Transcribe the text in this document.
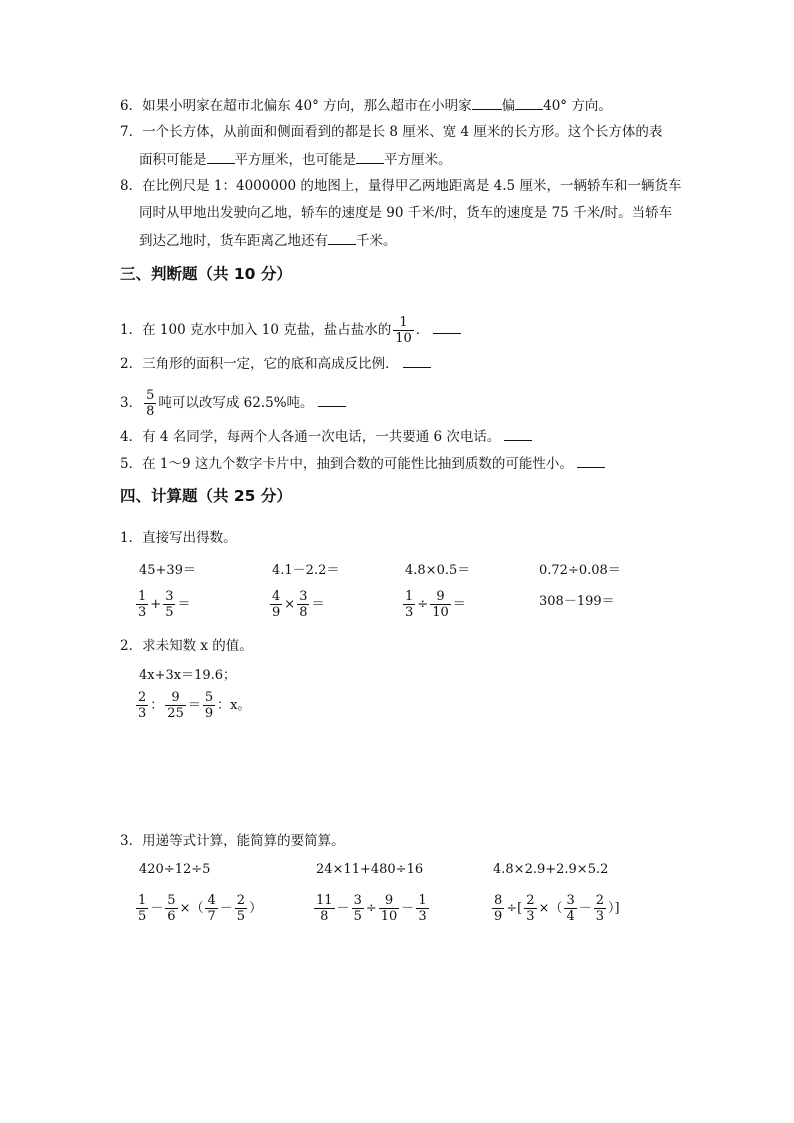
6．如果小明家在超市北偏东 40° 方向，那么超市在小明家 偏 40° 方向。
7．一个长方体，从前面和侧面看到的都是长 8 厘米、宽 4 厘米的长方形。这个长方体的表
面积可能是 平方厘米，也可能是 平方厘米。
8．在比例尺是 1：4000000 的地图上，量得甲乙两地距离是 4.5 厘米，一辆轿车和一辆货车
同时从甲地出发驶向乙地，轿车的速度是 90 千米/时，货车的速度是 75 千米/时。当轿车
到达乙地时，货车距离乙地还有 千米。
三、判断题（共 10 分）
1．在 100 克水中加入 10 克盐，盐占盐水的 $\frac{1}{10}$ ．
2．三角形的面积一定，它的底和高成反比例．
3． $\frac{5}{8}$ 吨可以改写成 62.5%吨。
4．有 4 名同学，每两个人各通一次电话，一共要通 6 次电话。
5．在 1～9 这九个数字卡片中，抽到合数的可能性比抽到质数的可能性小。
四、计算题（共 25 分）
1．直接写出得数。
45+39＝	4.1－2.2＝	4.8×0.5＝	0.72÷0.08＝
$\frac{1}{3} + \frac{3}{5}$ ＝	$\frac{4}{9} \times \frac{3}{8}$ ＝	$\frac{1}{3} \div \frac{9}{10}$ ＝	308－199＝
2．求未知数 x 的值。
4x+3x＝19.6；
$\frac{2}{3}$ ： $\frac{9}{25} = \frac{5}{9}$ ：x。
3．用递等式计算，能简算的要简算。
420÷12÷5	24×11+480÷16	4.8×2.9+2.9×5.2
$\frac{1}{5} - \frac{5}{6}$ ×（ $\frac{4}{7} - \frac{2}{5}$ ）	$\frac{11}{8} - \frac{3}{5} \div \frac{9}{10} - \frac{1}{3}$	$\frac{8}{9}$ ÷[ $\frac{2}{3}$ ×（ $\frac{3}{4} - \frac{2}{3}$ ）]
